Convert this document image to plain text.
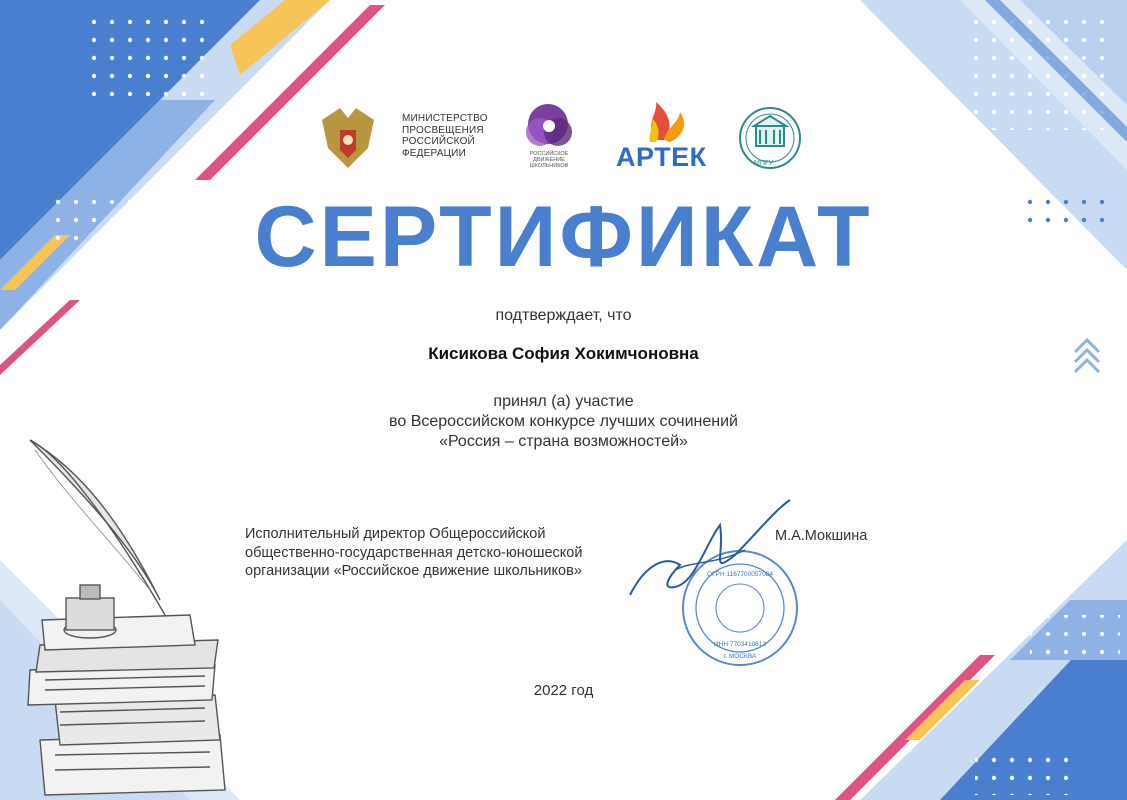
МИНИСТЕРСТВО ПРОСВЕЩЕНИЯ РОССИЙСКОЙ ФЕДЕРАЦИИ	РОССИЙСКОЕ ДВИЖЕНИЕ ШКОЛЬНИКОВ	АРТЕК	МПГУ
СЕРТИФИКАТ
подтверждает, что
Кисикова София Хокимчоновна
принял (а) участие
во Всероссийском конкурсе лучших сочинений
«Россия – страна возможностей»
Исполнительный директор Общероссийской общественно-государственная детско-юношеской организации «Российское движение школьников»
М.А.Мокшина
ОГРН 1167700057084
ИНН 7703410613
г. МОСКВА
2022 год
